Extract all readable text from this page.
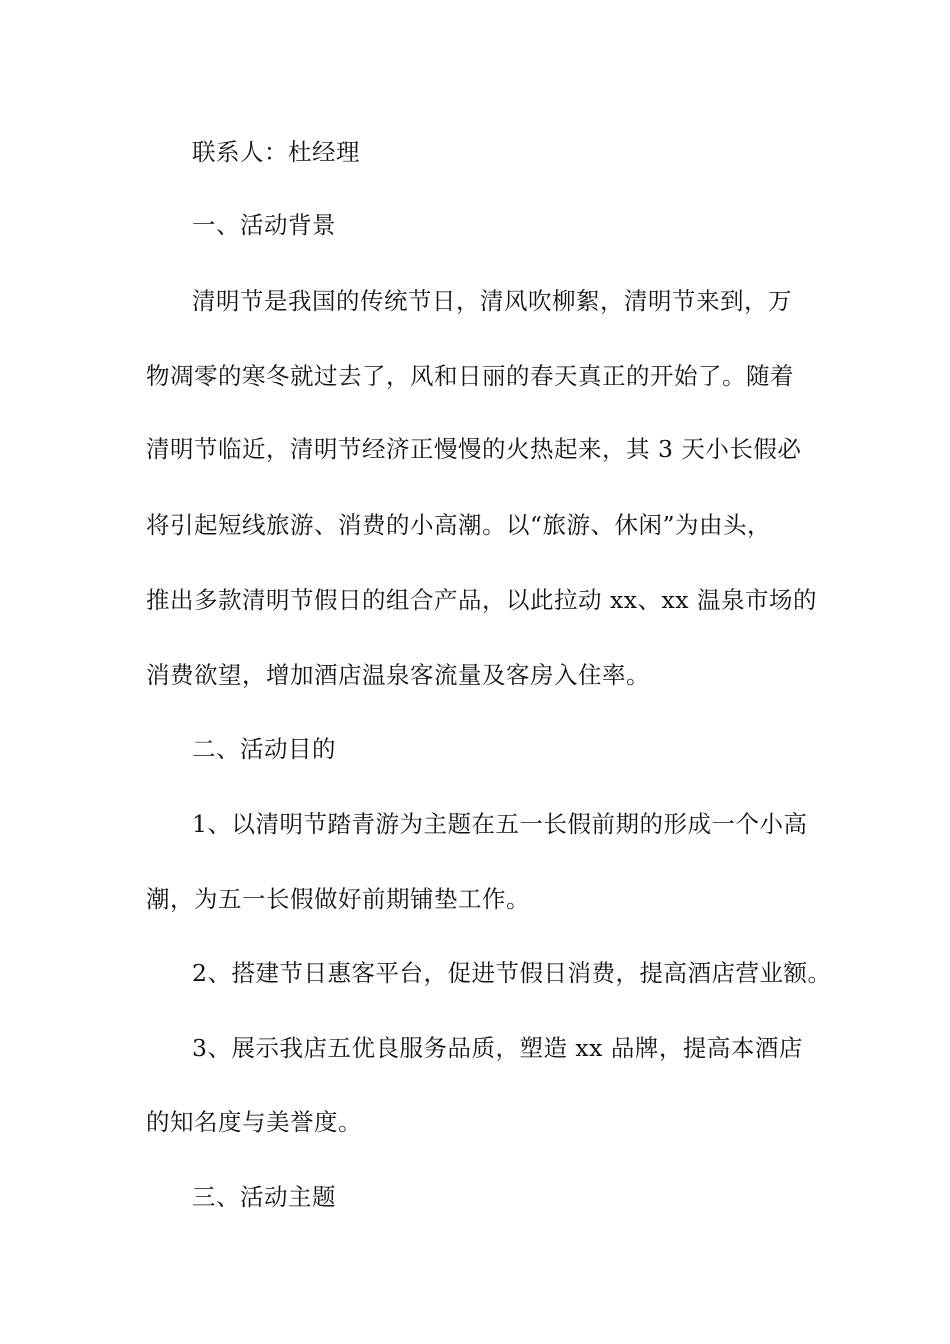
联系人：杜经理
一、活动背景
清明节是我国的传统节日，清风吹柳絮，清明节来到，万
物凋零的寒冬就过去了，风和日丽的春天真正的开始了。随着
清明节临近，清明节经济正慢慢的火热起来，其 3 天小长假必
将引起短线旅游、消费的小高潮。以“旅游、休闲”为由头，
推出多款清明节假日的组合产品，以此拉动 xx、xx 温泉市场的
消费欲望，增加酒店温泉客流量及客房入住率。
二、活动目的
1、以清明节踏青游为主题在五一长假前期的形成一个小高
潮，为五一长假做好前期铺垫工作。
2、搭建节日惠客平台，促进节假日消费，提高酒店营业额。
3、展示我店五优良服务品质，塑造 xx 品牌，提高本酒店
的知名度与美誉度。
三、活动主题
